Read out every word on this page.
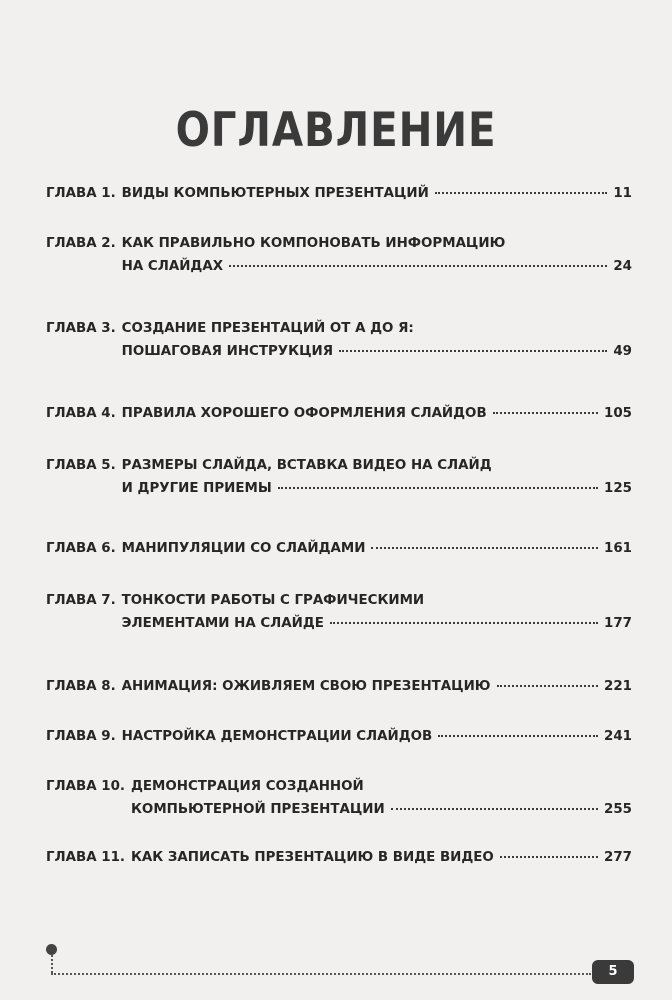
ОГЛАВЛЕНИЕ
ГЛАВА 1. ВИДЫ КОМПЬЮТЕРНЫХ ПРЕЗЕНТАЦИЙ	11
ГЛАВА 2. КАК ПРАВИЛЬНО КОМПОНОВАТЬ ИНФОРМАЦИЮ
НА СЛАЙДАХ	24
ГЛАВА 3. СОЗДАНИЕ ПРЕЗЕНТАЦИЙ ОТ А ДО Я:
ПОШАГОВАЯ ИНСТРУКЦИЯ	49
ГЛАВА 4. ПРАВИЛА ХОРОШЕГО ОФОРМЛЕНИЯ СЛАЙДОВ	105
ГЛАВА 5. РАЗМЕРЫ СЛАЙДА, ВСТАВКА ВИДЕО НА СЛАЙД
И ДРУГИЕ ПРИЕМЫ	125
ГЛАВА 6. МАНИПУЛЯЦИИ СО СЛАЙДАМИ	161
ГЛАВА 7. ТОНКОСТИ РАБОТЫ С ГРАФИЧЕСКИМИ
ЭЛЕМЕНТАМИ НА СЛАЙДЕ	177
ГЛАВА 8. АНИМАЦИЯ: ОЖИВЛЯЕМ СВОЮ ПРЕЗЕНТАЦИЮ	221
ГЛАВА 9. НАСТРОЙКА ДЕМОНСТРАЦИИ СЛАЙДОВ	241
ГЛАВА 10. ДЕМОНСТРАЦИЯ СОЗДАННОЙ
КОМПЬЮТЕРНОЙ ПРЕЗЕНТАЦИИ	255
ГЛАВА 11. КАК ЗАПИСАТЬ ПРЕЗЕНТАЦИЮ В ВИДЕ ВИДЕО	277
5
